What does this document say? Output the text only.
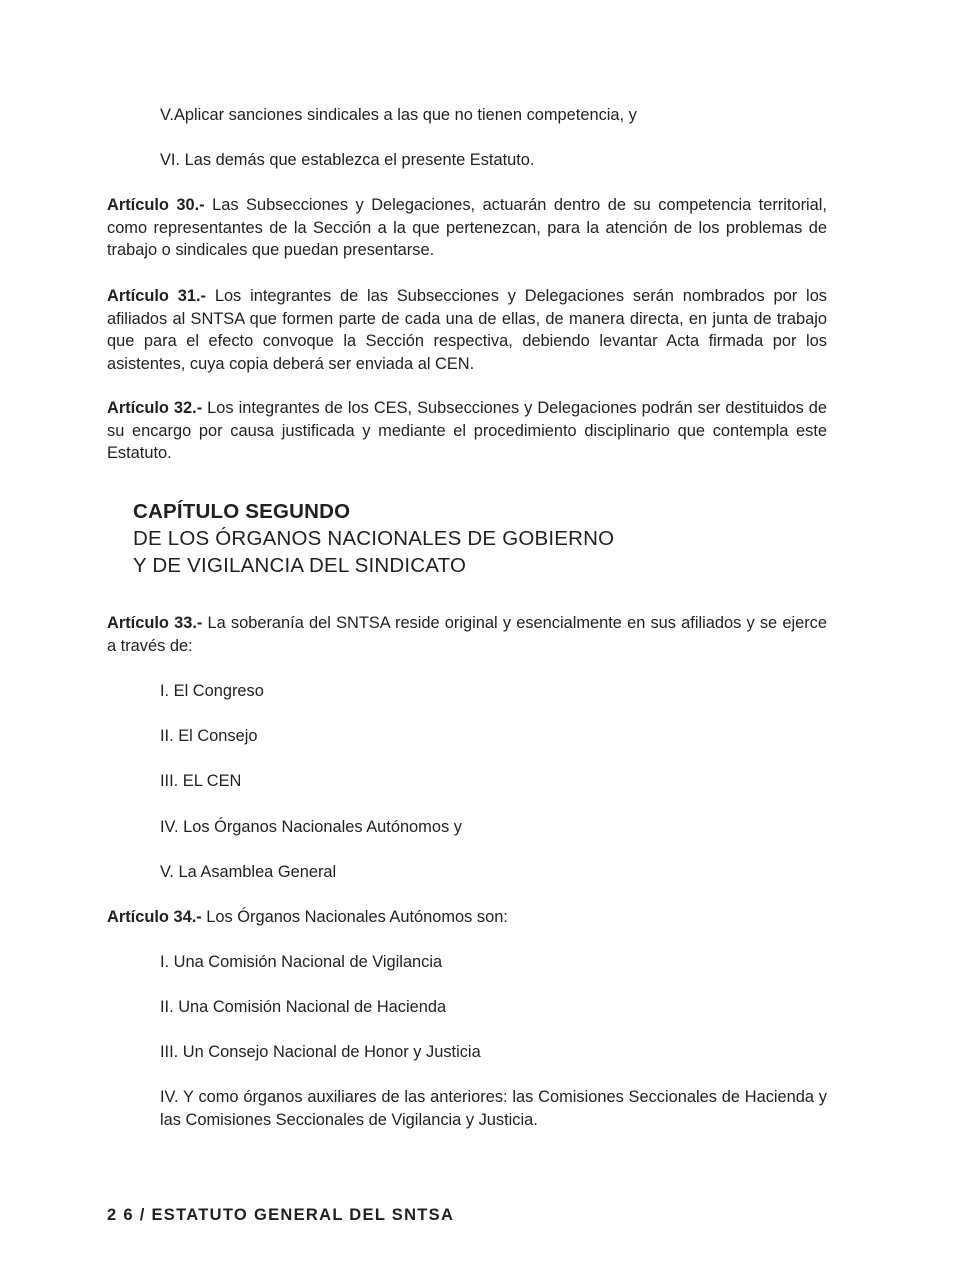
V.Aplicar sanciones sindicales a las que no tienen competencia, y
VI. Las demás que establezca el presente Estatuto.

Artículo 30.- Las Subsecciones y Delegaciones, actuarán dentro de su competencia territorial, como representantes de la Sección a la que pertenezcan, para la atención de los problemas de trabajo o sindicales que puedan presentarse.

Artículo 31.- Los integrantes de las Subsecciones y Delegaciones serán nombrados por los afiliados al SNTSA que formen parte de cada una de ellas, de manera directa, en junta de trabajo que para el efecto convoque la Sección respectiva, debiendo levantar Acta firmada por los asistentes, cuya copia deberá ser enviada al CEN.

Artículo 32.- Los integrantes de los CES, Subsecciones y Delegaciones podrán ser destituidos de su encargo por causa justificada y mediante el procedimiento disciplinario que contempla este Estatuto.

CAPÍTULO SEGUNDO
DE LOS ÓRGANOS NACIONALES DE GOBIERNO
Y DE VIGILANCIA DEL SINDICATO

Artículo 33.- La soberanía del SNTSA reside original y esencialmente en sus afiliados y se ejerce a través de:

I. El Congreso
II. El Consejo
III. EL CEN
IV. Los Órganos Nacionales Autónomos y
V. La Asamblea General

Artículo 34.- Los Órganos Nacionales Autónomos son:

I. Una Comisión Nacional de Vigilancia
II. Una Comisión Nacional de Hacienda
III. Un Consejo Nacional de Honor y Justicia
IV. Y como órganos auxiliares de las anteriores: las Comisiones Seccionales de Hacienda y las Comisiones Seccionales de Vigilancia y Justicia.
2 6 / ESTATUTO GENERAL DEL SNTSA
